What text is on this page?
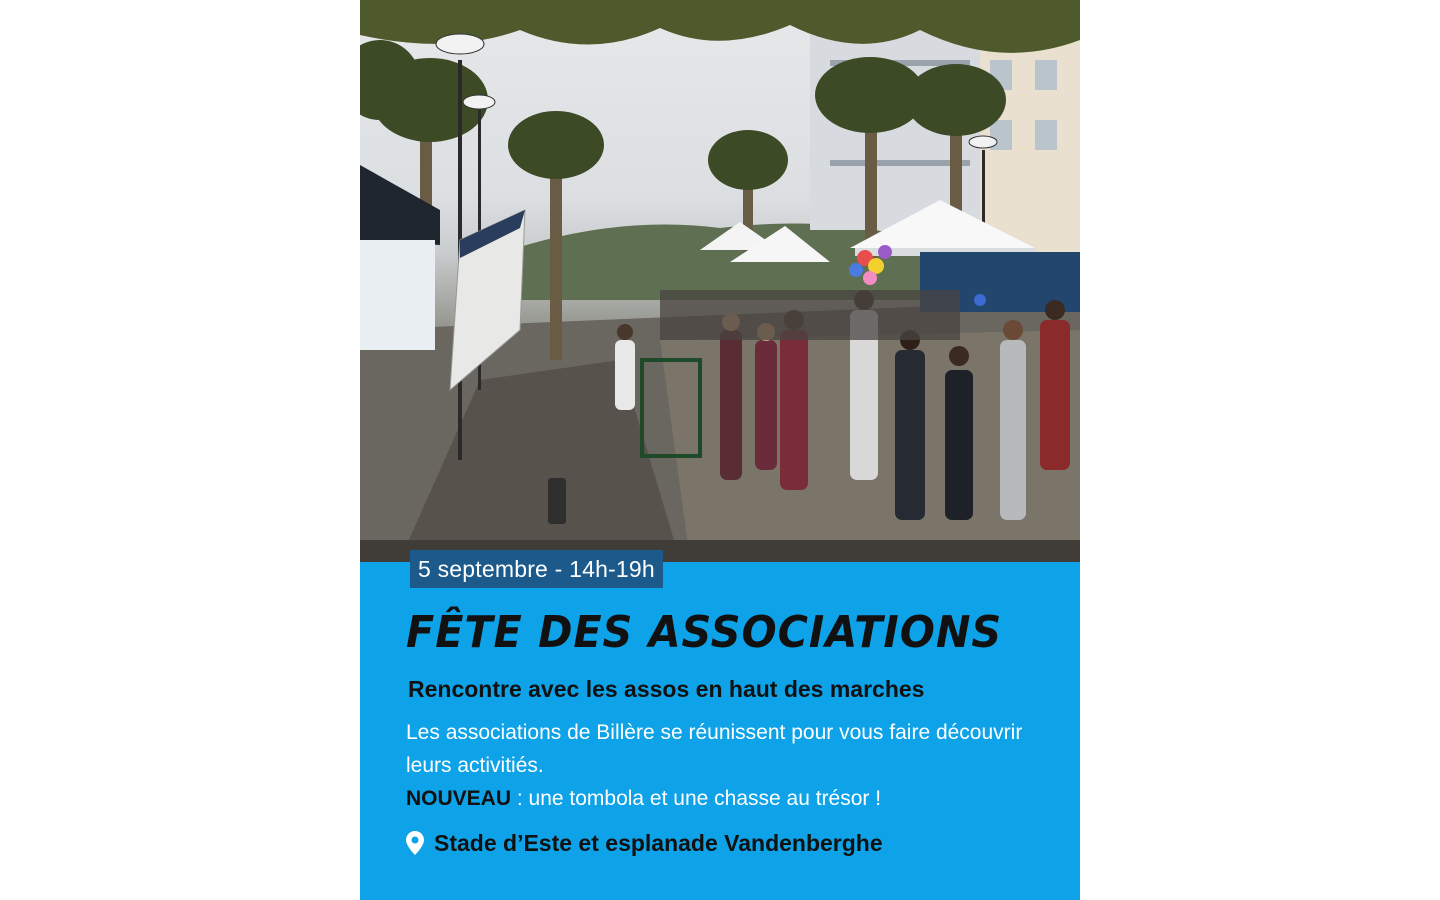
5 septembre - 14h-19h
FÊTE DES ASSOCIATIONS
Rencontre avec les assos en haut des marches
Les associations de Billère se réunissent pour vous faire découvrir leurs activitiés.
NOUVEAU : une tombola et une chasse au trésor !
Stade d’Este et esplanade Vandenberghe
